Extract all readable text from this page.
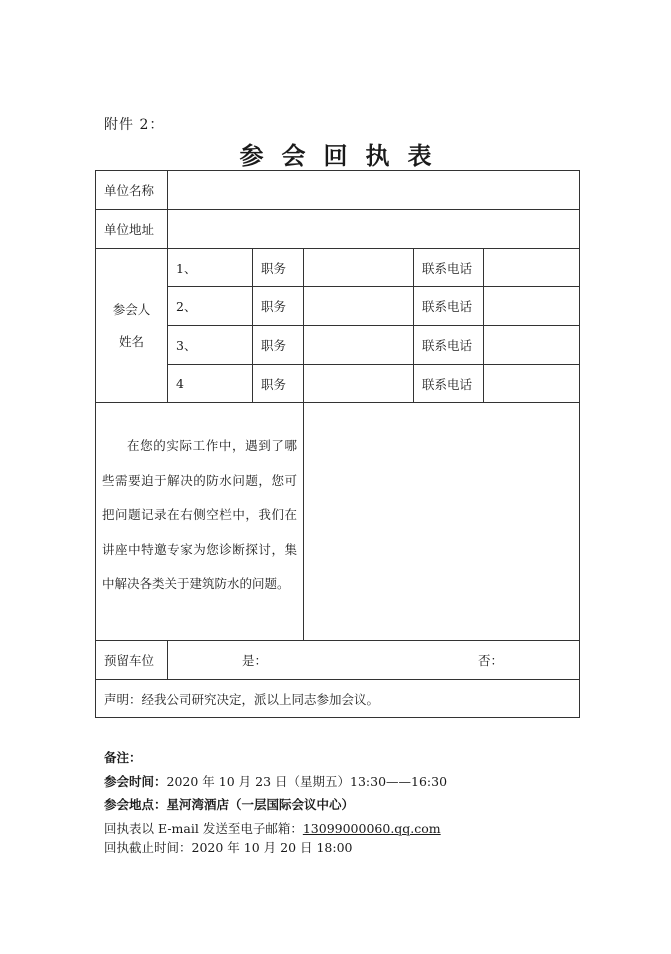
附件 2：
参会回执表
单位名称					
单位地址					

参会人
姓名	1、	职务		联系电话	
	2、	职务		联系电话	
	3、	职务		联系电话	
	4	职务		联系电话	
在您的实际工作中，遇到了哪些需要迫于解决的防水问题，您可把问题记录在右侧空栏中，我们在讲座中特邀专家为您诊断探讨，集中解决各类关于建筑防水的问题。					
预留车位	是： 否：				
声明：经我公司研究决定，派以上同志参加会议。					
备注：
参会时间：2020 年 10 月 23 日（星期五）13:30——16:30
参会地点：星河湾酒店（一层国际会议中心）
回执表以 E-mail 发送至电子邮箱：13099000060.qq.com
回执截止时间：2020 年 10 月 20 日 18:00
